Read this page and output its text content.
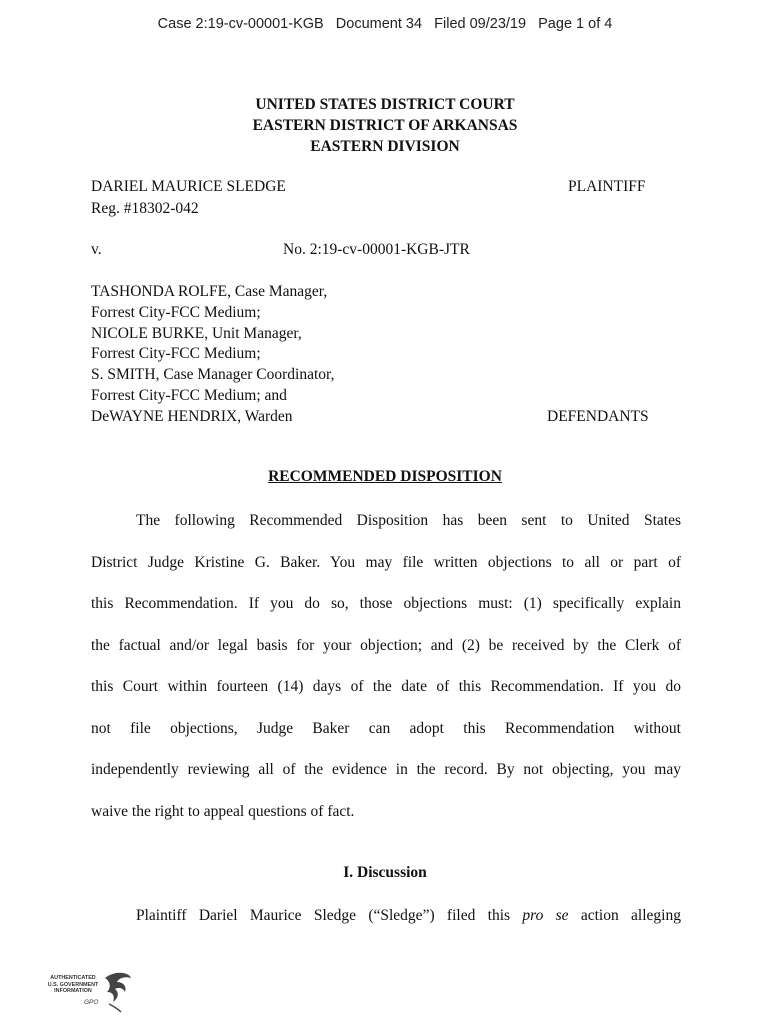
Case 2:19-cv-00001-KGB Document 34 Filed 09/23/19 Page 1 of 4
UNITED STATES DISTRICT COURT
EASTERN DISTRICT OF ARKANSAS
EASTERN DIVISION
DARIEL MAURICE SLEDGE	PLAINTIFF
Reg. #18302-042
v.	No. 2:19-cv-00001-KGB-JTR
TASHONDA ROLFE, Case Manager,
Forrest City-FCC Medium;
NICOLE BURKE, Unit Manager,
Forrest City-FCC Medium;
S. SMITH, Case Manager Coordinator,
Forrest City-FCC Medium; and
DeWAYNE HENDRIX, Warden	DEFENDANTS
RECOMMENDED DISPOSITION
The following Recommended Disposition has been sent to United States
District Judge Kristine G. Baker. You may file written objections to all or part of
this Recommendation. If you do so, those objections must: (1) specifically explain
the factual and/or legal basis for your objection; and (2) be received by the Clerk of
this Court within fourteen (14) days of the date of this Recommendation. If you do
not file objections, Judge Baker can adopt this Recommendation without
independently reviewing all of the evidence in the record. By not objecting, you may
waive the right to appeal questions of fact.
I. Discussion
Plaintiff Dariel Maurice Sledge (“Sledge”) filed this pro se action alleging
AUTHENTICATED
U.S. GOVERNMENT
INFORMATION
GPO
